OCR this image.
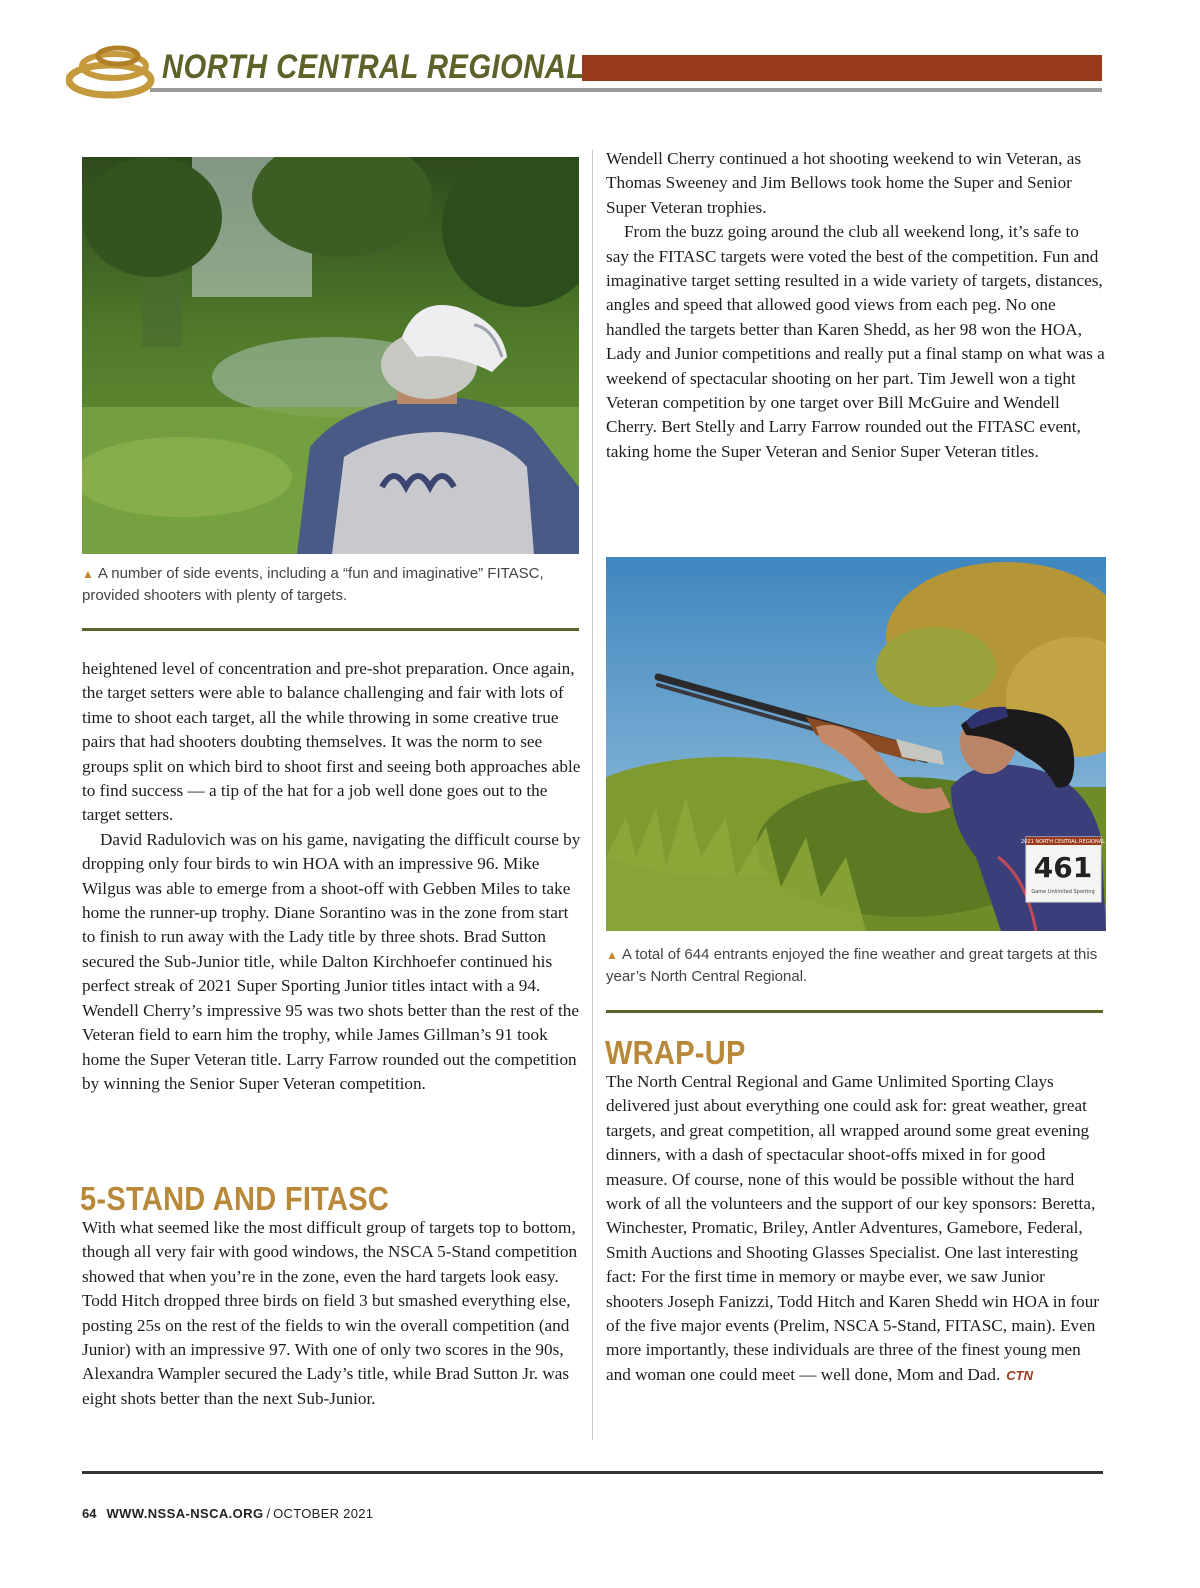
NORTH CENTRAL REGIONAL
▲ A number of side events, including a “fun and imaginative” FITASC, provided shooters with plenty of targets.

Wendell Cherry continued a hot shooting weekend to win Veteran, as Thomas Sweeney and Jim Bellows took home the Super and Senior Super Veteran trophies.

From the buzz going around the club all weekend long, it’s safe to say the FITASC targets were voted the best of the competition. Fun and imaginative target setting resulted in a wide variety of targets, distances, angles and speed that allowed good views from each peg. No one handled the targets better than Karen Shedd, as her 98 won the HOA, Lady and Junior competitions and really put a final stamp on what was a weekend of spectacular shooting on her part. Tim Jewell won a tight Veteran competition by one target over Bill McGuire and Wendell Cherry. Bert Stelly and Larry Farrow rounded out the FITASC event, taking home the Super Veteran and Senior Super Veteran titles.

2021 NORTH CENTRAL REGIONAL
461
Game Unlimited Sporting
▲ A total of 644 entrants enjoyed the fine weather and great targets at this year’s North Central Regional.

heightened level of concentration and pre-shot preparation. Once again, the target setters were able to balance challenging and fair with lots of time to shoot each target, all the while throwing in some creative true pairs that had shooters doubting themselves. It was the norm to see groups split on which bird to shoot first and seeing both approaches able to find success — a tip of the hat for a job well done goes out to the target setters.

David Radulovich was on his game, navigating the difficult course by dropping only four birds to win HOA with an impressive 96. Mike Wilgus was able to emerge from a shoot-off with Gebben Miles to take home the runner-up trophy. Diane Sorantino was in the zone from start to finish to run away with the Lady title by three shots. Brad Sutton secured the Sub-Junior title, while Dalton Kirchhoefer continued his perfect streak of 2021 Super Sporting Junior titles intact with a 94. Wendell Cherry’s impressive 95 was two shots better than the rest of the Veteran field to earn him the trophy, while James Gillman’s 91 took home the Super Veteran title. Larry Farrow rounded out the competition by winning the Senior Super Veteran competition.

5-STAND AND FITASC

With what seemed like the most difficult group of targets top to bottom, though all very fair with good windows, the NSCA 5-Stand competition showed that when you’re in the zone, even the hard targets look easy. Todd Hitch dropped three birds on field 3 but smashed everything else, posting 25s on the rest of the fields to win the overall competition (and Junior) with an impressive 97. With one of only two scores in the 90s, Alexandra Wampler secured the Lady’s title, while Brad Sutton Jr. was eight shots better than the next Sub-Junior.

WRAP-UP

The North Central Regional and Game Unlimited Sporting Clays delivered just about everything one could ask for: great weather, great targets, and great competition, all wrapped around some great evening dinners, with a dash of spectacular shoot-offs mixed in for good measure. Of course, none of this would be possible without the hard work of all the volunteers and the support of our key sponsors: Beretta, Winchester, Promatic, Briley, Antler Adventures, Gamebore, Federal, Smith Auctions and Shooting Glasses Specialist. One last interesting fact: For the first time in memory or maybe ever, we saw Junior shooters Joseph Fanizzi, Todd Hitch and Karen Shedd win HOA in four of the five major events (Prelim, NSCA 5-Stand, FITASC, main). Even more importantly, these individuals are three of the finest young men and woman one could meet — well done, Mom and Dad. CTN

64 WWW.NSSA-NSCA.ORG / OCTOBER 2021
